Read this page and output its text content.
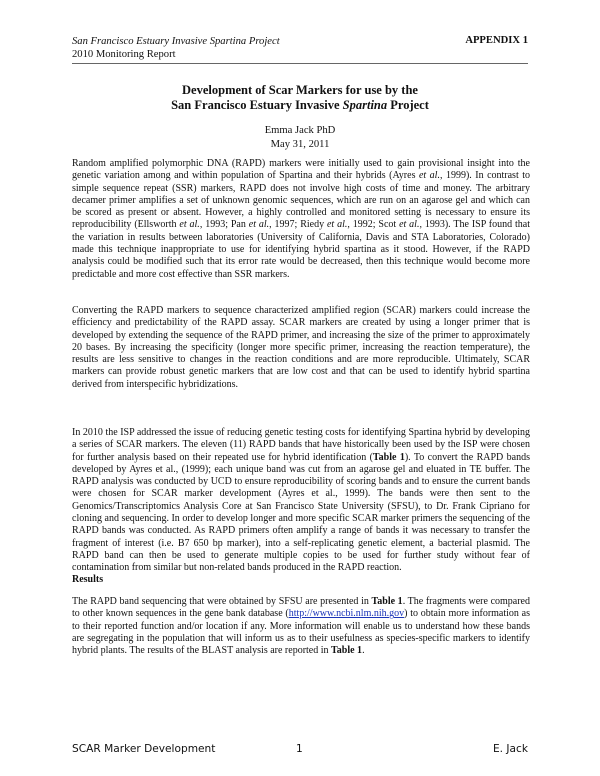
San Francisco Estuary Invasive Spartina Project
2010 Monitoring Report
APPENDIX 1
Development of Scar Markers for use by the
San Francisco Estuary Invasive Spartina Project
Emma Jack PhD
May 31, 2011

Random amplified polymorphic DNA (RAPD) markers were initially used to gain provisional insight into the genetic variation among and within population of Spartina and their hybrids (Ayres et al., 1999). In contrast to simple sequence repeat (SSR) markers, RAPD does not involve high costs of time and money. The arbitrary decamer primer amplifies a set of unknown genomic sequences, which are run on an agarose gel and which can be scored as present or absent. However, a highly controlled and monitored setting is necessary to ensure its reproducibility (Ellsworth et al., 1993; Pan et al., 1997; Riedy et al., 1992; Scot et al., 1993). The ISP found that the variation in results between laboratories (University of California, Davis and STA Laboratories, Colorado) made this technique inappropriate to use for identifying hybrid spartina as it stood. However, if the RAPD analysis could be modified such that its error rate would be decreased, then this technique would become more predictable and more cost effective than SSR markers.

Converting the RAPD markers to sequence characterized amplified region (SCAR) markers could increase the efficiency and predictability of the RAPD assay. SCAR markers are created by using a longer primer that is developed by extending the sequence of the RAPD primer, and increasing the size of the primer to approximately 20 bases. By increasing the specificity (longer more specific primer, increasing the reaction temperature), the results are less sensitive to changes in the reaction conditions and are more reproducible. Ultimately, SCAR markers can provide robust genetic markers that are low cost and that can be used to identify hybrid spartina derived from interspecific hybridizations.

In 2010 the ISP addressed the issue of reducing genetic testing costs for identifying Spartina hybrid by developing a series of SCAR markers. The eleven (11) RAPD bands that have historically been used by the ISP were chosen for further analysis based on their repeated use for hybrid identification (Table 1). To convert the RAPD bands developed by Ayres et al., (1999); each unique band was cut from an agarose gel and eluated in TE buffer. The RAPD analysis was conducted by UCD to ensure reproducibility of scoring bands and to ensure the current bands were chosen for SCAR marker development (Ayres et al., 1999). The bands were then sent to the Genomics/Transcriptomics Analysis Core at San Francisco State University (SFSU), to Dr. Frank Cipriano for cloning and sequencing. In order to develop longer and more specific SCAR marker primers the sequencing of the RAPD bands was conducted. As RAPD primers often amplify a range of bands it was necessary to transfer the fragment of interest (i.e. B7 650 bp marker), into a self-replicating genetic element, a bacterial plasmid. The RAPD band can then be used to generate multiple copies to be used for further study without fear of contamination from similar but non-related bands produced in the RAPD reaction.

Results

The RAPD band sequencing that were obtained by SFSU are presented in Table 1. The fragments were compared to other known sequences in the gene bank database (http://www.ncbi.nlm.nih.gov) to obtain more information as to their reported function and/or location if any. More information will enable us to understand how these bands are segregating in the population that will inform us as to their usefulness as species-specific markers to identify hybrid plants. The results of the BLAST analysis are reported in Table 1.

SCAR Marker Development	1	E. Jack
